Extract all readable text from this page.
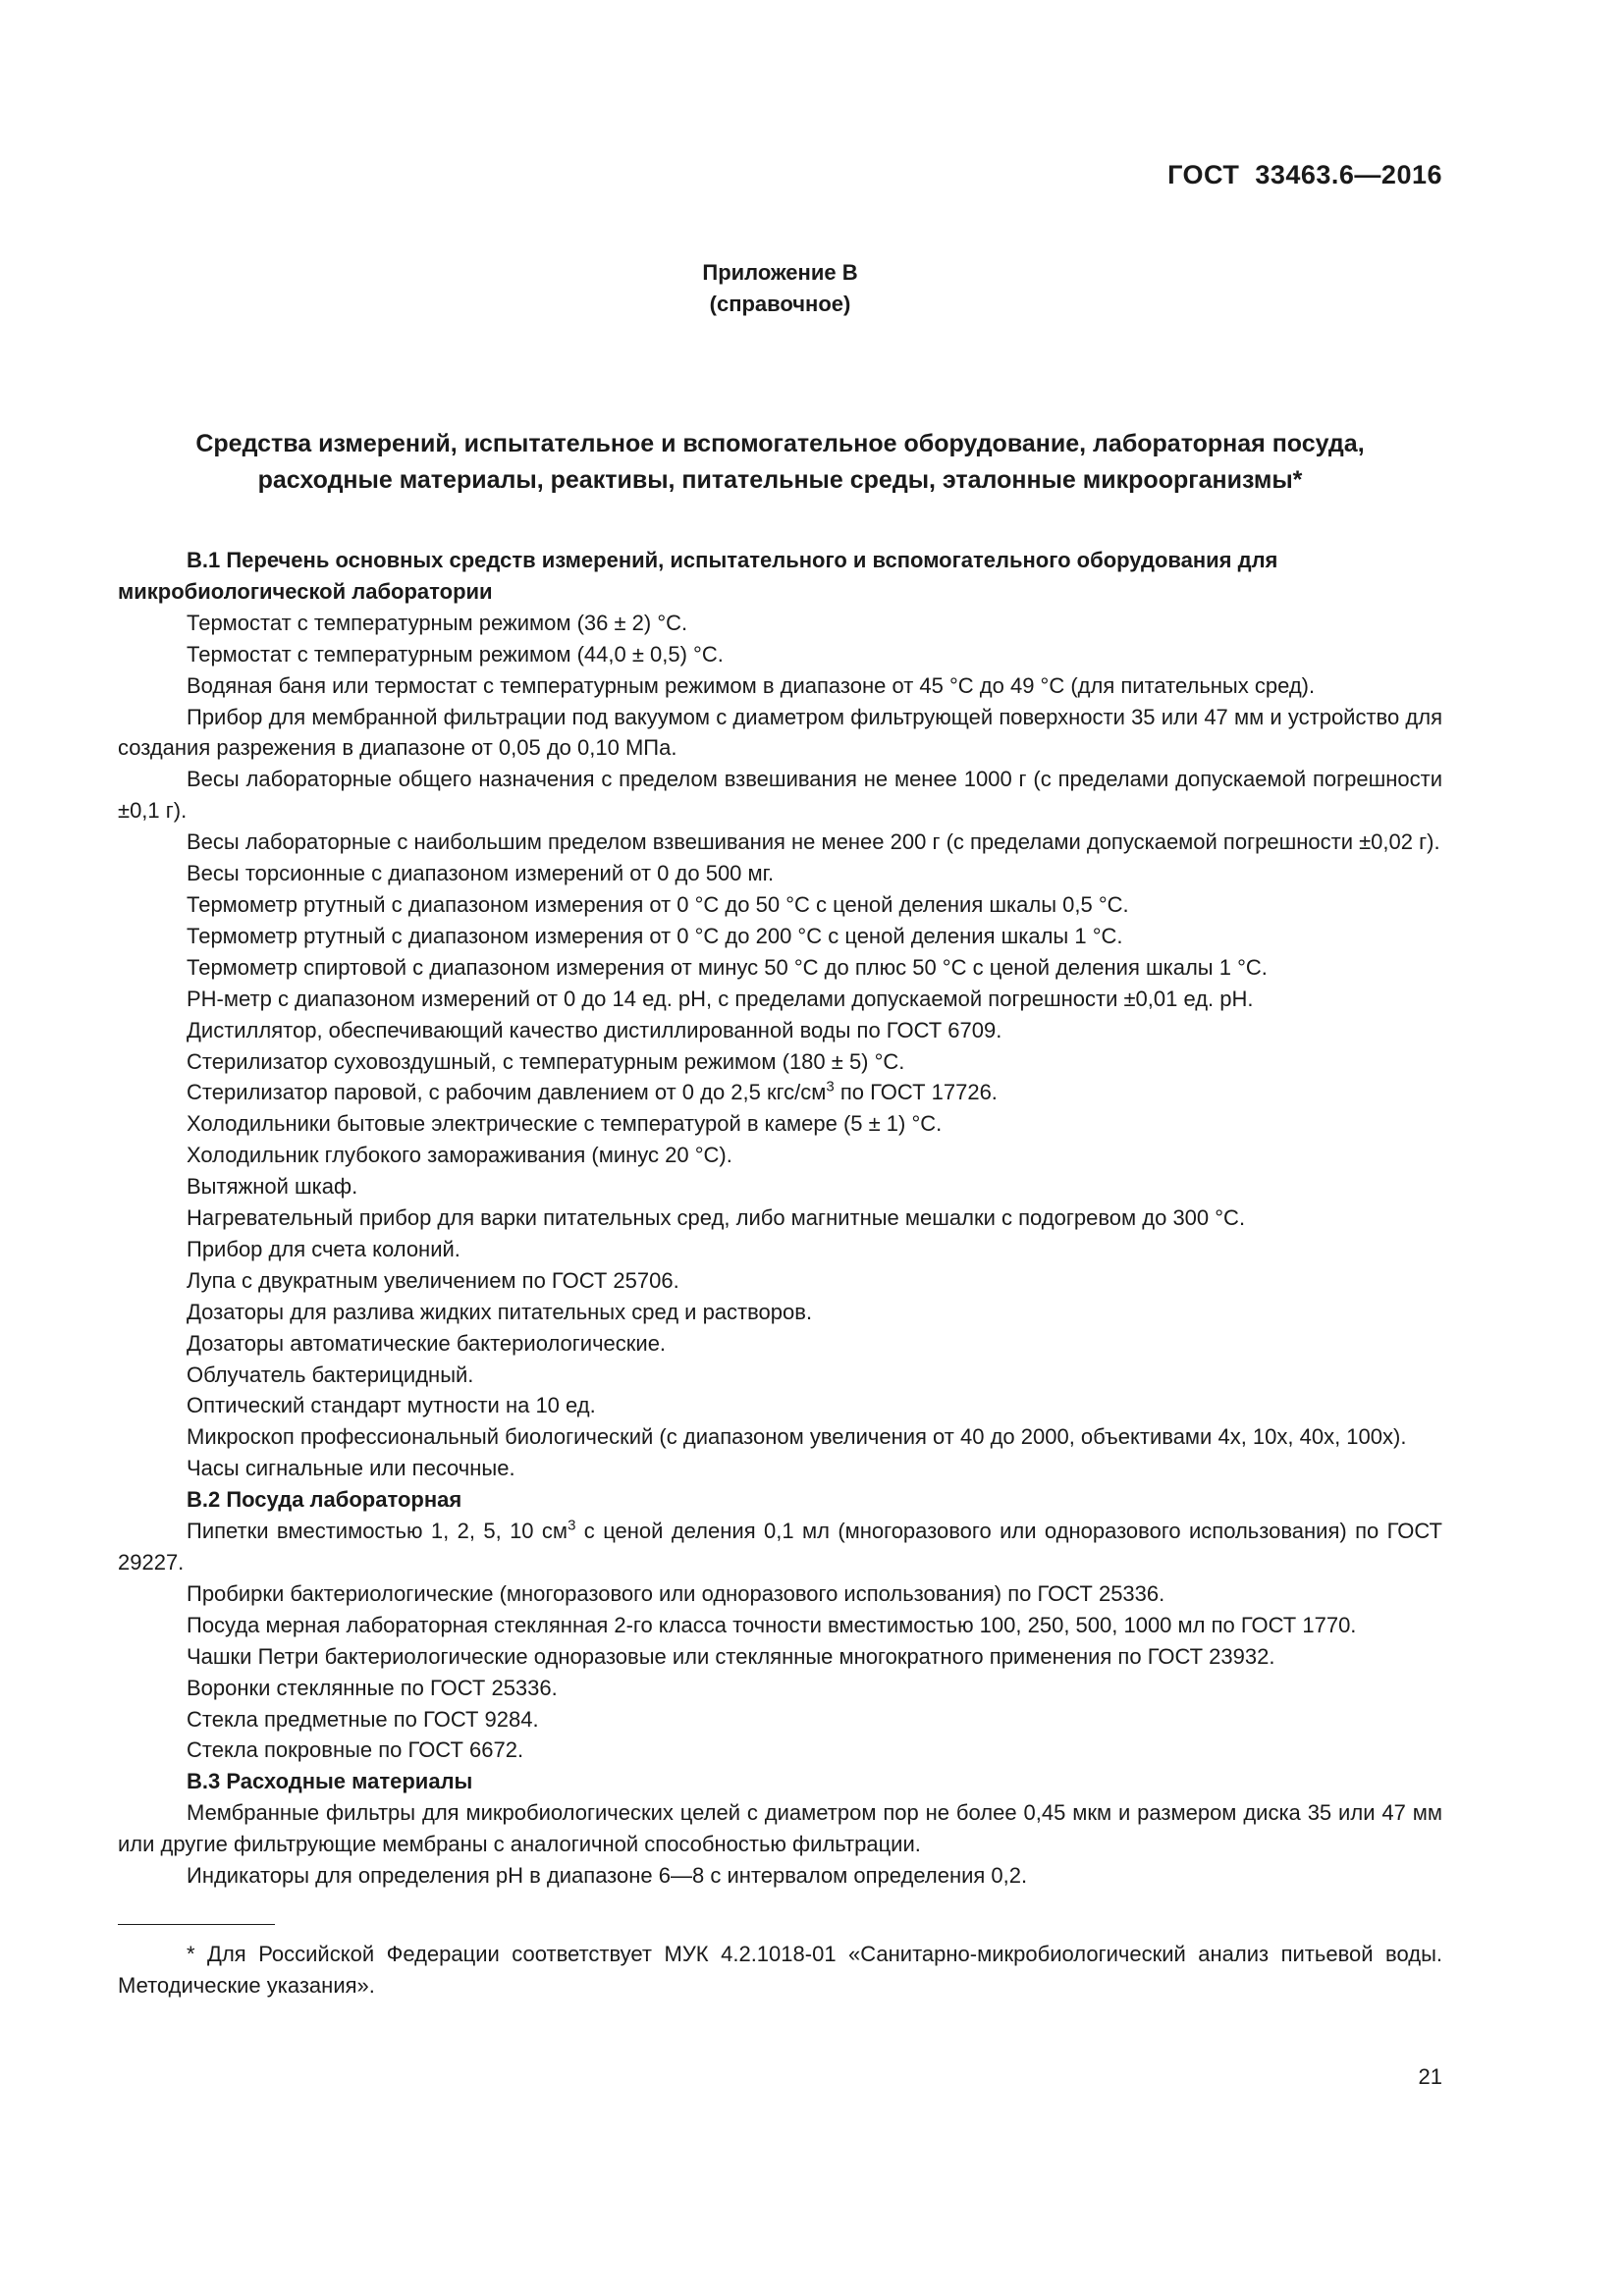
ГОСТ 33463.6—2016
Приложение В
(справочное)
Средства измерений, испытательное и вспомогательное оборудование, лабораторная посуда,
расходные материалы, реактивы, питательные среды, эталонные микроорганизмы*

В.1 Перечень основных средств измерений, испытательного и вспомогательного оборудования для микробиологической лаборатории

Термостат с температурным режимом (36 ± 2) °С.

Термостат с температурным режимом (44,0 ± 0,5) °С.

Водяная баня или термостат с температурным режимом в диапазоне от 45 °С до 49 °С (для питательных сред).

Прибор для мембранной фильтрации под вакуумом с диаметром фильтрующей поверхности 35 или 47 мм и устройство для создания разрежения в диапазоне от 0,05 до 0,10 МПа.

Весы лабораторные общего назначения с пределом взвешивания не менее 1000 г (с пределами допускаемой погрешности ±0,1 г).

Весы лабораторные с наибольшим пределом взвешивания не менее 200 г (с пределами допускаемой погрешности ±0,02 г).

Весы торсионные с диапазоном измерений от 0 до 500 мг.

Термометр ртутный с диапазоном измерения от 0 °С до 50 °С с ценой деления шкалы 0,5 °С.

Термометр ртутный с диапазоном измерения от 0 °С до 200 °С с ценой деления шкалы 1 °С.

Термометр спиртовой с диапазоном измерения от минус 50 °С до плюс 50 °С с ценой деления шкалы 1 °С.

РН-метр с диапазоном измерений от 0 до 14 ед. рН, с пределами допускаемой погрешности ±0,01 ед. рН.

Дистиллятор, обеспечивающий качество дистиллированной воды по ГОСТ 6709.

Стерилизатор суховоздушный, с температурным режимом (180 ± 5) °С.

Стерилизатор паровой, с рабочим давлением от 0 до 2,5 кгс/$см^3$ по ГОСТ 17726.

Холодильники бытовые электрические с температурой в камере (5 ± 1) °С.

Холодильник глубокого замораживания (минус 20 °С).

Вытяжной шкаф.

Нагревательный прибор для варки питательных сред, либо магнитные мешалки с подогревом до 300 °С.

Прибор для счета колоний.

Лупа с двукратным увеличением по ГОСТ 25706.

Дозаторы для разлива жидких питательных сред и растворов.

Дозаторы автоматические бактериологические.

Облучатель бактерицидный.

Оптический стандарт мутности на 10 ед.

Микроскоп профессиональный биологический (с диапазоном увеличения от 40 до 2000, объективами 4х, 10х, 40х, 100х).

Часы сигнальные или песочные.

В.2 Посуда лабораторная

Пипетки вместимостью 1, 2, 5, 10 $см^3$ с ценой деления 0,1 мл (многоразового или одноразового использования) по ГОСТ 29227.

Пробирки бактериологические (многоразового или одноразового использования) по ГОСТ 25336.

Посуда мерная лабораторная стеклянная 2-го класса точности вместимостью 100, 250, 500, 1000 мл по ГОСТ 1770.

Чашки Петри бактериологические одноразовые или стеклянные многократного применения по ГОСТ 23932.

Воронки стеклянные по ГОСТ 25336.

Стекла предметные по ГОСТ 9284.

Стекла покровные по ГОСТ 6672.

В.3 Расходные материалы

Мембранные фильтры для микробиологических целей с диаметром пор не более 0,45 мкм и размером диска 35 или 47 мм или другие фильтрующие мембраны с аналогичной способностью фильтрации.

Индикаторы для определения рН в диапазоне 6—8 с интервалом определения 0,2.

* Для Российской Федерации соответствует МУК 4.2.1018-01 «Санитарно-микробиологический анализ питьевой воды. Методические указания».

21
